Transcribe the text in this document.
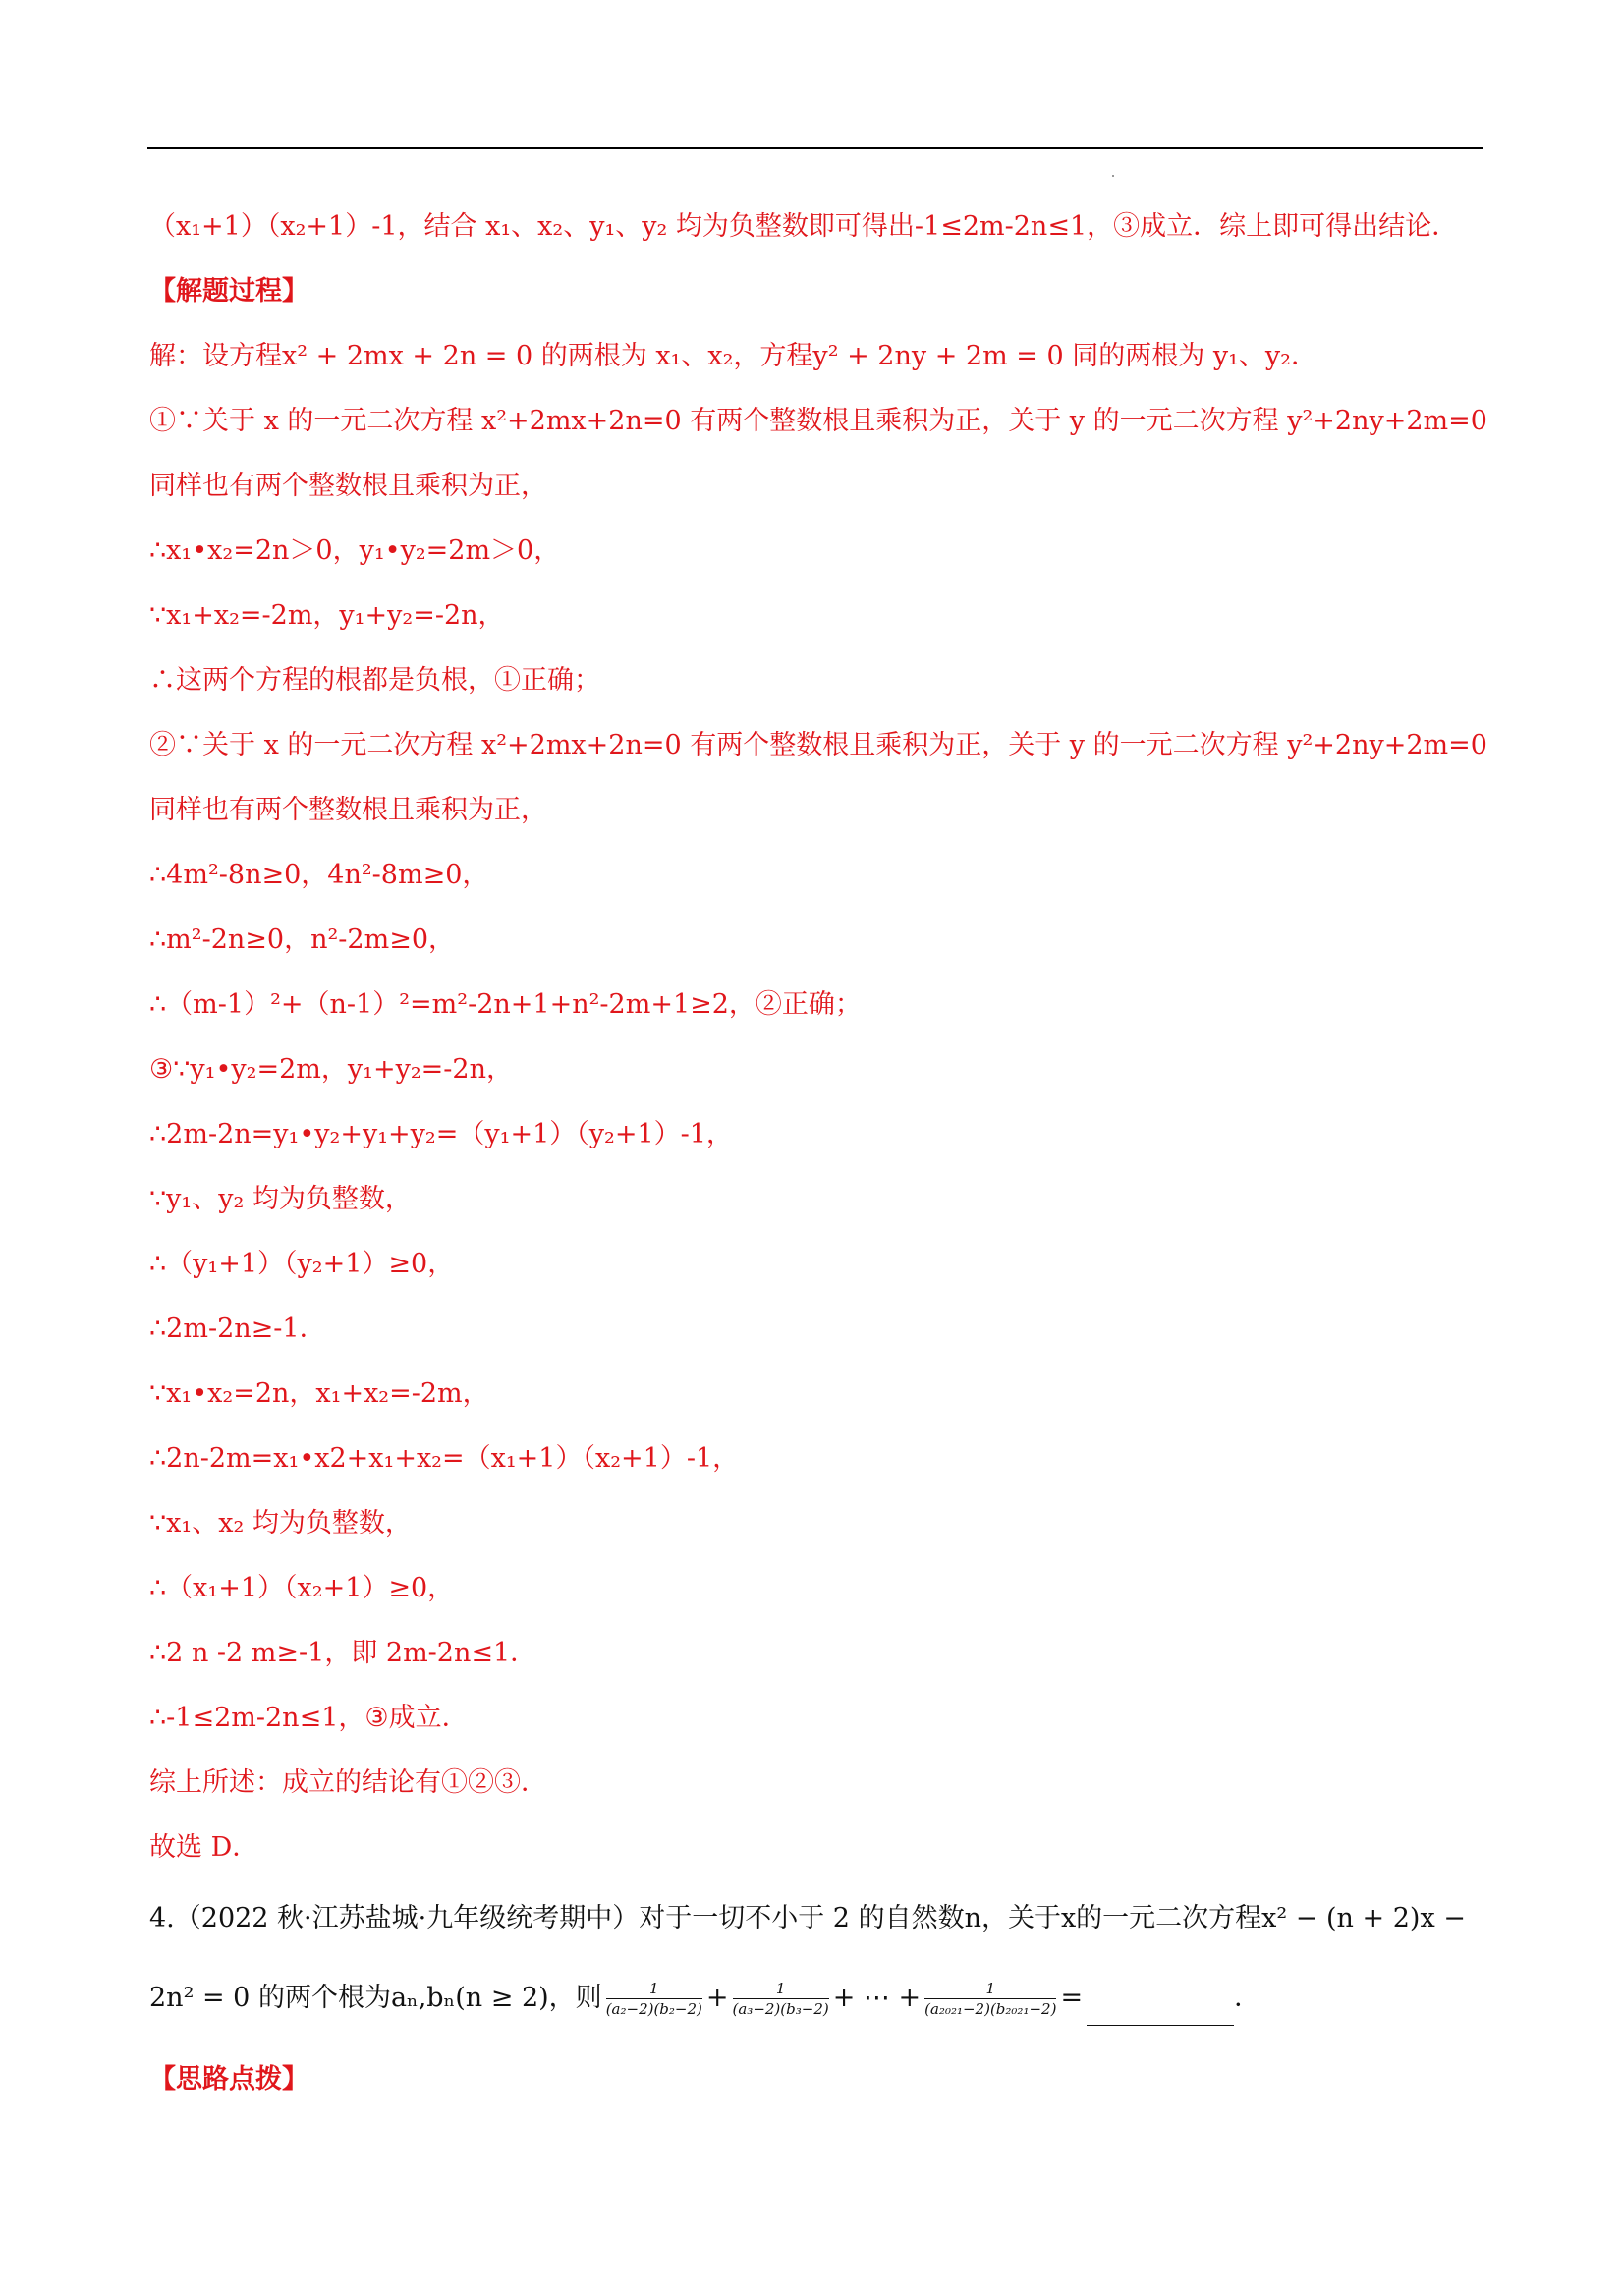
（x₁+1）（x₂+1）-1，结合 x₁、x₂、y₁、y₂ 均为负整数即可得出-1≤2m-2n≤1，③成立．综上即可得出结论．
【解题过程】
解：设方程x² + 2mx + 2n = 0 的两根为 x₁、x₂，方程y² + 2ny + 2m = 0 同的两根为 y₁、y₂．
①∵关于 x 的一元二次方程 x²+2mx+2n=0 有两个整数根且乘积为正，关于 y 的一元二次方程 y²+2ny+2m=0
同样也有两个整数根且乘积为正，
∴x₁•x₂=2n＞0，y₁•y₂=2m＞0，
∵x₁+x₂=-2m，y₁+y₂=-2n，
∴这两个方程的根都是负根，①正确；
②∵关于 x 的一元二次方程 x²+2mx+2n=0 有两个整数根且乘积为正，关于 y 的一元二次方程 y²+2ny+2m=0
同样也有两个整数根且乘积为正，
∴4m²-8n≥0，4n²-8m≥0，
∴m²-2n≥0，n²-2m≥0，
∴（m-1）²+（n-1）²=m²-2n+1+n²-2m+1≥2，②正确；
③∵y₁•y₂=2m，y₁+y₂=-2n，
∴2m-2n=y₁•y₂+y₁+y₂=（y₁+1）（y₂+1）-1，
∵y₁、y₂ 均为负整数，
∴（y₁+1）（y₂+1）≥0，
∴2m-2n≥-1．
∵x₁•x₂=2n，x₁+x₂=-2m，
∴2n-2m=x₁•x2+x₁+x₂=（x₁+1）（x₂+1）-1，
∵x₁、x₂ 均为负整数，
∴（x₁+1）（x₂+1）≥0，
∴2 n -2 m≥-1，即 2m-2n≤1．
∴-1≤2m-2n≤1，③成立．
综上所述：成立的结论有①②③．
故选 D．
4.（2022 秋·江苏盐城·九年级统考期中）对于一切不小于 2 的自然数n，关于x的一元二次方程x² − (n + 2)x −
2n² = 0 的两个根为aₙ,bₙ(n ≥ 2)，则 $\frac{1}{\text{(a₂−2)(b₂−2)}} + \frac{1}{\text{(a₃−2)(b₃−2)}}$ + ⋯ + $\frac{1}{\text{(a₂₀₂₁−2)(b₂₀₂₁−2)}}$ =	．
【思路点拨】
